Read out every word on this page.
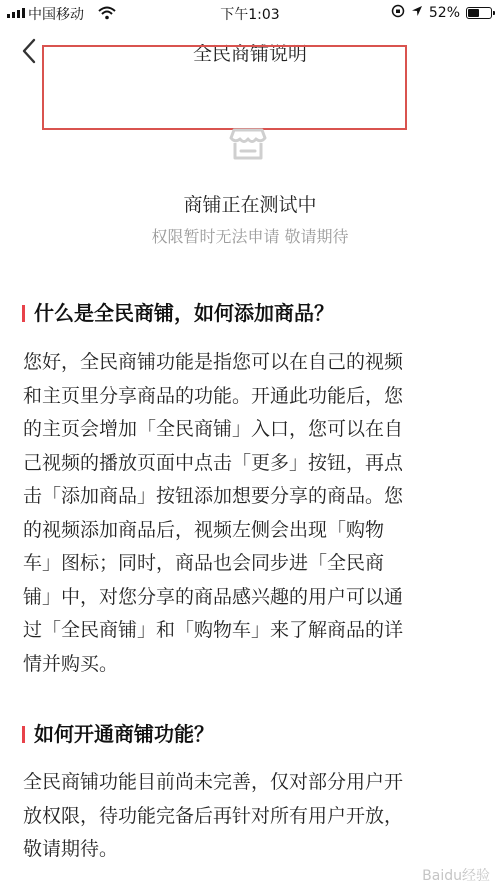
中国移动	下午1:03	52%
全民商铺说明
商铺正在测试中
权限暂时无法申请 敬请期待
什么是全民商铺，如何添加商品？
您好，全民商铺功能是指您可以在自己的视频
和主页里分享商品的功能。开通此功能后，您
的主页会增加「全民商铺」入口，您可以在自
己视频的播放页面中点击「更多」按钮，再点
击「添加商品」按钮添加想要分享的商品。您
的视频添加商品后，视频左侧会出现「购物
车」图标；同时，商品也会同步进「全民商
铺」中，对您分享的商品感兴趣的用户可以通
过「全民商铺」和「购物车」来了解商品的详
情并购买。
如何开通商铺功能？
全民商铺功能目前尚未完善，仅对部分用户开
放权限，待功能完备后再针对所有用户开放，
敬请期待。
Baidu经验
